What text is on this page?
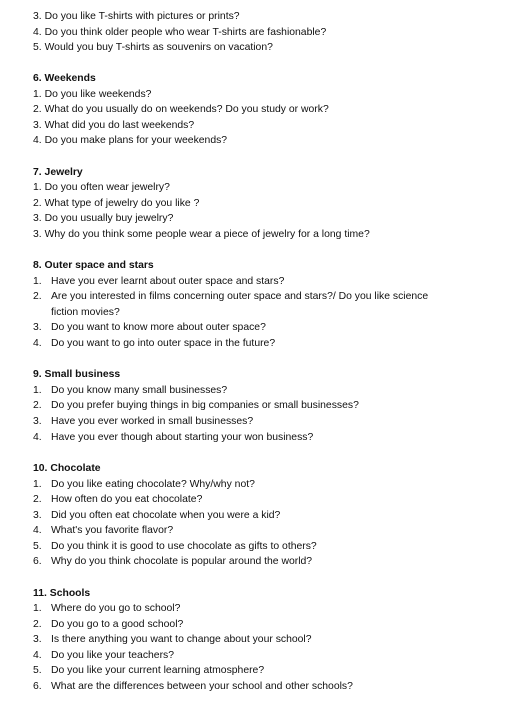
3. Do you like T-shirts with pictures or prints?
4. Do you think older people who wear T-shirts are fashionable?
5. Would you buy T-shirts as souvenirs on vacation?
6. Weekends
1. Do you like weekends?
2. What do you usually do on weekends? Do you study or work?
3. What did you do last weekends?
4. Do you make plans for your weekends?
7. Jewelry
1. Do you often wear jewelry?
2. What type of jewelry do you like ?
3. Do you usually buy jewelry?
3. Why do you think some people wear a piece of jewelry for a long time?
8. Outer space and stars
1. Have you ever learnt about outer space and stars?
2. Are you interested in films concerning outer space and stars?/ Do you like science
fiction movies?
3. Do you want to know more about outer space?
4. Do you want to go into outer space in the future?
9. Small business
1. Do you know many small businesses?
2. Do you prefer buying things in big companies or small businesses?
3. Have you ever worked in small businesses?
4. Have you ever though about starting your won business?
10. Chocolate
1. Do you like eating chocolate? Why/why not?
2. How often do you eat chocolate?
3. Did you often eat chocolate when you were a kid?
4. What's you favorite flavor?
5. Do you think it is good to use chocolate as gifts to others?
6. Why do you think chocolate is popular around the world?
11. Schools
1. Where do you go to school?
2. Do you go to a good school?
3. Is there anything you want to change about your school?
4. Do you like your teachers?
5. Do you like your current learning atmosphere?
6. What are the differences between your school and other schools?
